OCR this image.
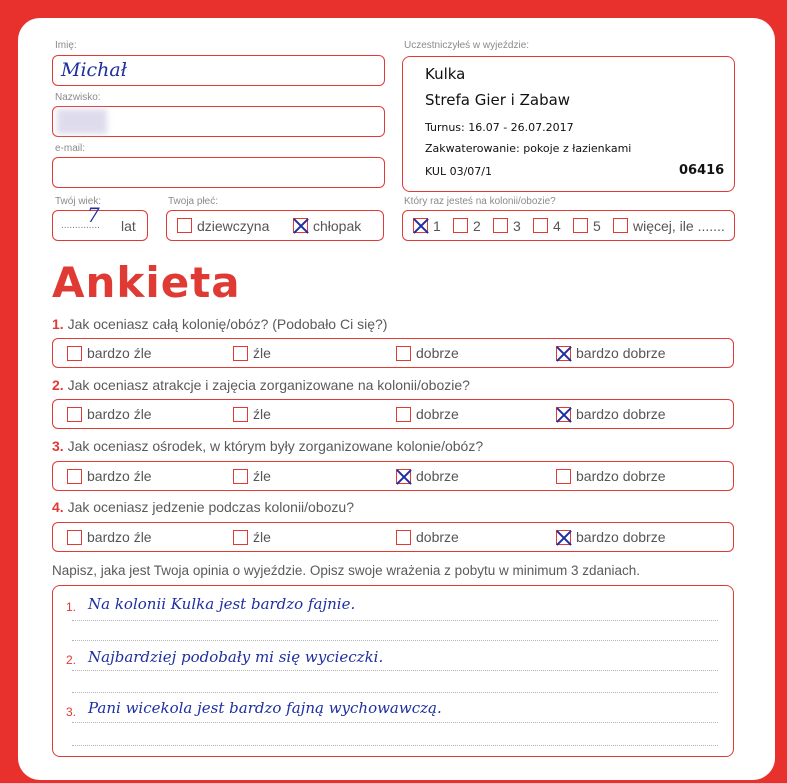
Imię:
Michał
Nazwisko:
e-mail:
Twój wiek:
..............
7 lat
Twoja płeć:
dziewczyna	chłopak
Uczestniczyłeś w wyjeździe:
Kulka
Strefa Gier i Zabaw
Turnus: 16.07 - 26.07.2017
Zakwaterowanie: pokoje z łazienkami
KUL 03/07/1	06416
Który raz jesteś na kolonii/obozie?
1 2 3 4 5 więcej, ile .......
Ankieta
1. Jak oceniasz całą kolonię/obóz? (Podobało Ci się?)
bardzo źle	źle	dobrze	bardzo dobrze
2. Jak oceniasz atrakcje i zajęcia zorganizowane na kolonii/obozie?
bardzo źle	źle	dobrze	bardzo dobrze
3. Jak oceniasz ośrodek, w którym były zorganizowane kolonie/obóz?
bardzo źle	źle	dobrze	bardzo dobrze
4. Jak oceniasz jedzenie podczas kolonii/obozu?
bardzo źle	źle	dobrze	bardzo dobrze
Napisz, jaka jest Twoja opinia o wyjeździe. Opisz swoje wrażenia z pobytu w minimum 3 zdaniach.
1. Na kolonii Kulka jest bardzo fajnie.
2. Najbardziej podobały mi się wycieczki.
3. Pani wicekola jest bardzo fajną wychowawczą.
